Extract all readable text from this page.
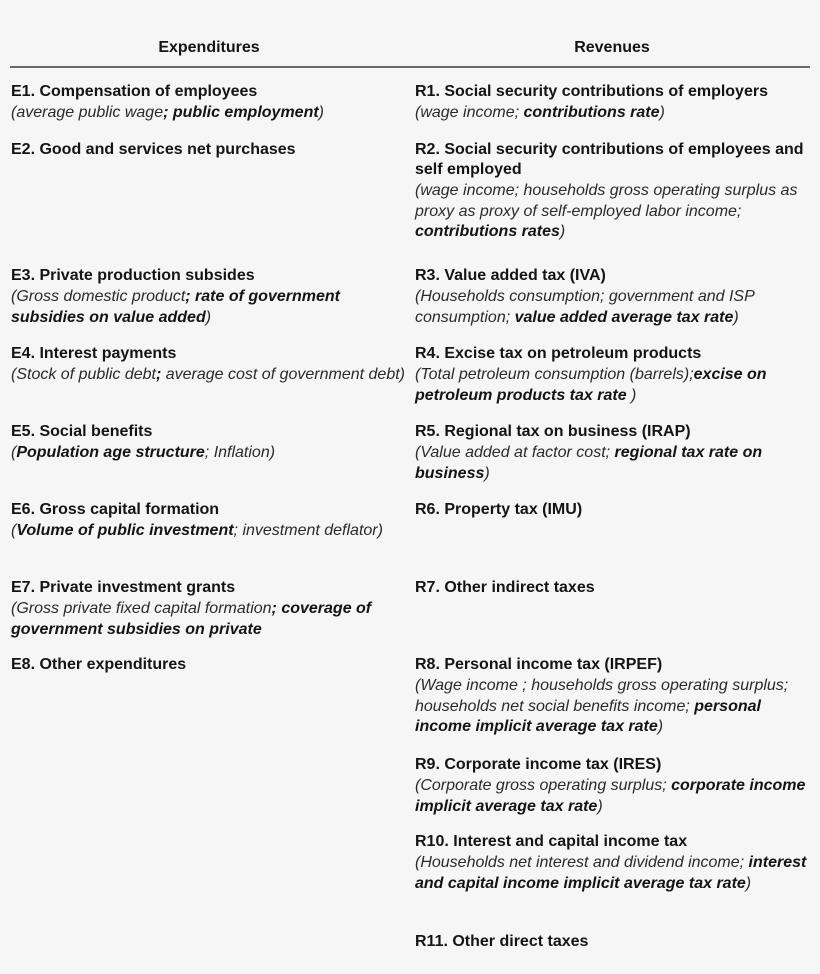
Expenditures	Revenues
E1. Compensation of employees
(average public wage; public employment)
E2. Good and services net purchases
E3. Private production subsides
(Gross domestic product; rate of government subsidies on value added)
E4. Interest payments
(Stock of public debt; average cost of government debt)
E5. Social benefits
(Population age structure; Inflation)
E6. Gross capital formation
(Volume of public investment; investment deflator)
E7. Private investment grants
(Gross private fixed capital formation; coverage of government subsidies on private
E8. Other expenditures
R1. Social security contributions of employers
(wage income; contributions rate)
R2. Social security contributions of employees and self employed
(wage income; households gross operating surplus as proxy as proxy of self-employed labor income; contributions rates)
R3. Value added tax (IVA)
(Households consumption; government and ISP consumption; value added average tax rate)
R4. Excise tax on petroleum products
(Total petroleum consumption (barrels);excise on petroleum products tax rate )
R5. Regional tax on business (IRAP)
(Value added at factor cost; regional tax rate on business)
R6. Property tax (IMU)
R7. Other indirect taxes
R8. Personal income tax (IRPEF)
(Wage income ; households gross operating surplus; households net social benefits income; personal income implicit average tax rate)
R9. Corporate income tax (IRES)
(Corporate gross operating surplus; corporate income implicit average tax rate)
R10. Interest and capital income tax
(Households net interest and dividend income; interest and capital income implicit average tax rate)
R11. Other direct taxes
